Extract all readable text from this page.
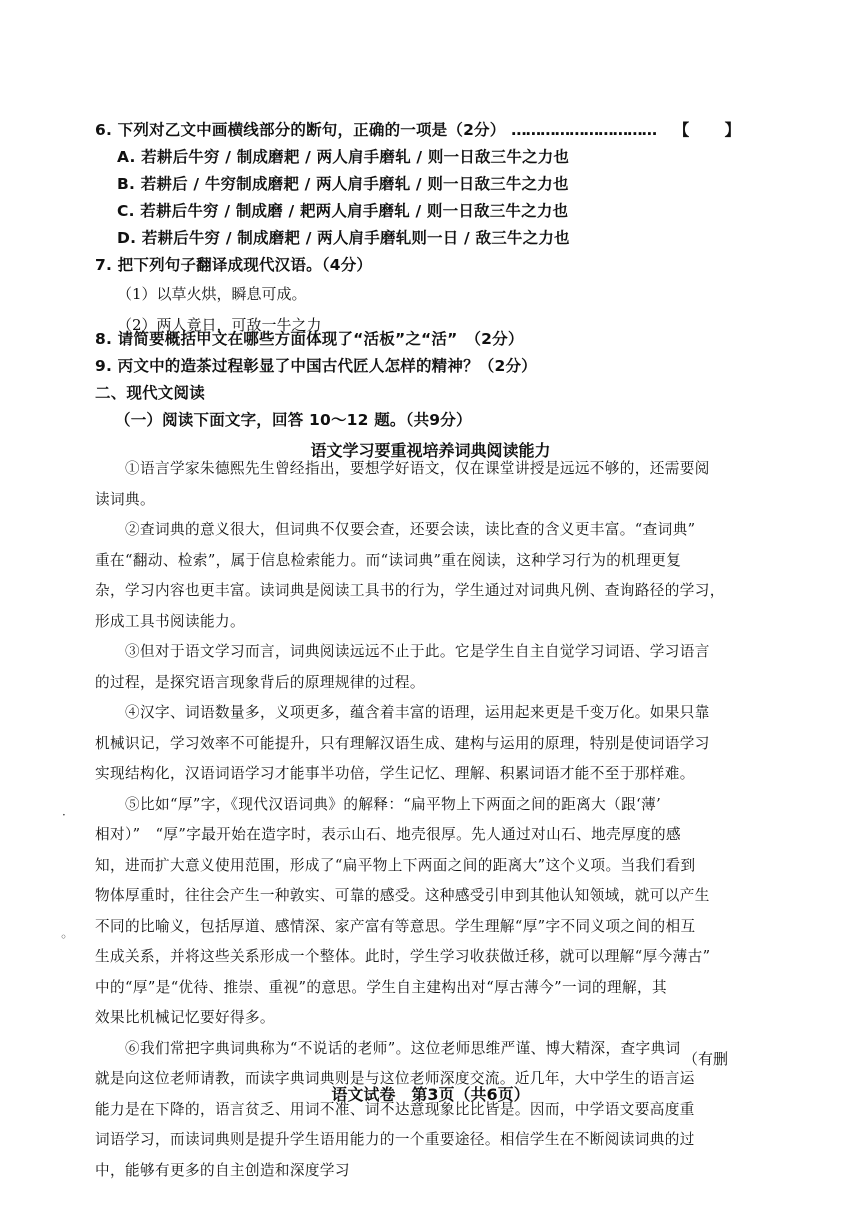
6. 下列对乙文中画横线部分的断句，正确的一项是（2分） ………………………… 【 】
A. 若耕后牛穷 / 制成磨耙 / 两人肩手磨轧 / 则一日敌三牛之力也
B. 若耕后 / 牛穷制成磨耙 / 两人肩手磨轧 / 则一日敌三牛之力也
C. 若耕后牛穷 / 制成磨 / 耙两人肩手磨轧 / 则一日敌三牛之力也
D. 若耕后牛穷 / 制成磨耙 / 两人肩手磨轧则一日 / 敌三牛之力也
7. 把下列句子翻译成现代汉语。（4分）
（1）以草火烘，瞬息可成。
（2）两人竟日，可敌一牛之力
8. 请简要概括甲文在哪些方面体现了“活板”之“活”　（2分）
9. 丙文中的造茶过程彰显了中国古代匠人怎样的精神？（2分）
二、现代文阅读
（一）阅读下面文字，回答 10～12 题。（共9分）
语文学习要重视培养词典阅读能力
①语言学家朱德熙先生曾经指出，要想学好语文，仅在课堂讲授是远远不够的，还需要阅
读词典。
②查词典的意义很大，但词典不仅要会查，还要会读，读比查的含义更丰富。“查词典”
重在“翻动、检索”，属于信息检索能力。而“读词典”重在阅读，这种学习行为的机理更复
杂，学习内容也更丰富。读词典是阅读工具书的行为，学生通过对词典凡例、查询路径的学习，
形成工具书阅读能力。
③但对于语文学习而言，词典阅读远远不止于此。它是学生自主自觉学习词语、学习语言
的过程，是探究语言现象背后的原理规律的过程。
④汉字、词语数量多，义项更多，蕴含着丰富的语理，运用起来更是千变万化。如果只靠
机械识记，学习效率不可能提升，只有理解汉语生成、建构与运用的原理，特别是使词语学习
实现结构化，汉语词语学习才能事半功倍，学生记忆、理解、积累词语才能不至于那样难。
⑤比如“厚”字，《现代汉语词典》的解释：“扁平物上下两面之间的距离大（跟‘薄’
相对）”　“厚”字最开始在造字时，表示山石、地壳很厚。先人通过对山石、地壳厚度的感
知，进而扩大意义使用范围，形成了“扁平物上下两面之间的距离大”这个义项。当我们看到
物体厚重时，往往会产生一种敦实、可靠的感受。这种感受引申到其他认知领域，就可以产生
不同的比喻义，包括厚道、感情深、家产富有等意思。学生理解“厚”字不同义项之间的相互
生成关系，并将这些关系形成一个整体。此时，学生学习收获做迁移，就可以理解“厚今薄古”
中的“厚”是“优待、推崇、重视”的意思。学生自主建构出对“厚古薄今”一词的理解，其
效果比机械记忆要好得多。
⑥我们常把字典词典称为“不说话的老师”。这位老师思维严谨、博大精深，查字典词
就是向这位老师请教，而读字典词典则是与这位老师深度交流。近几年，大中学生的语言运
能力是在下降的，语言贫乏、用词不准、词不达意现象比比皆是。因而，中学语文要高度重
词语学习，而读词典则是提升学生语用能力的一个重要途径。相信学生在不断阅读词典的过
中，能够有更多的自主创造和深度学习
（有删
语文试卷　第3页（共6页）
·
◦
